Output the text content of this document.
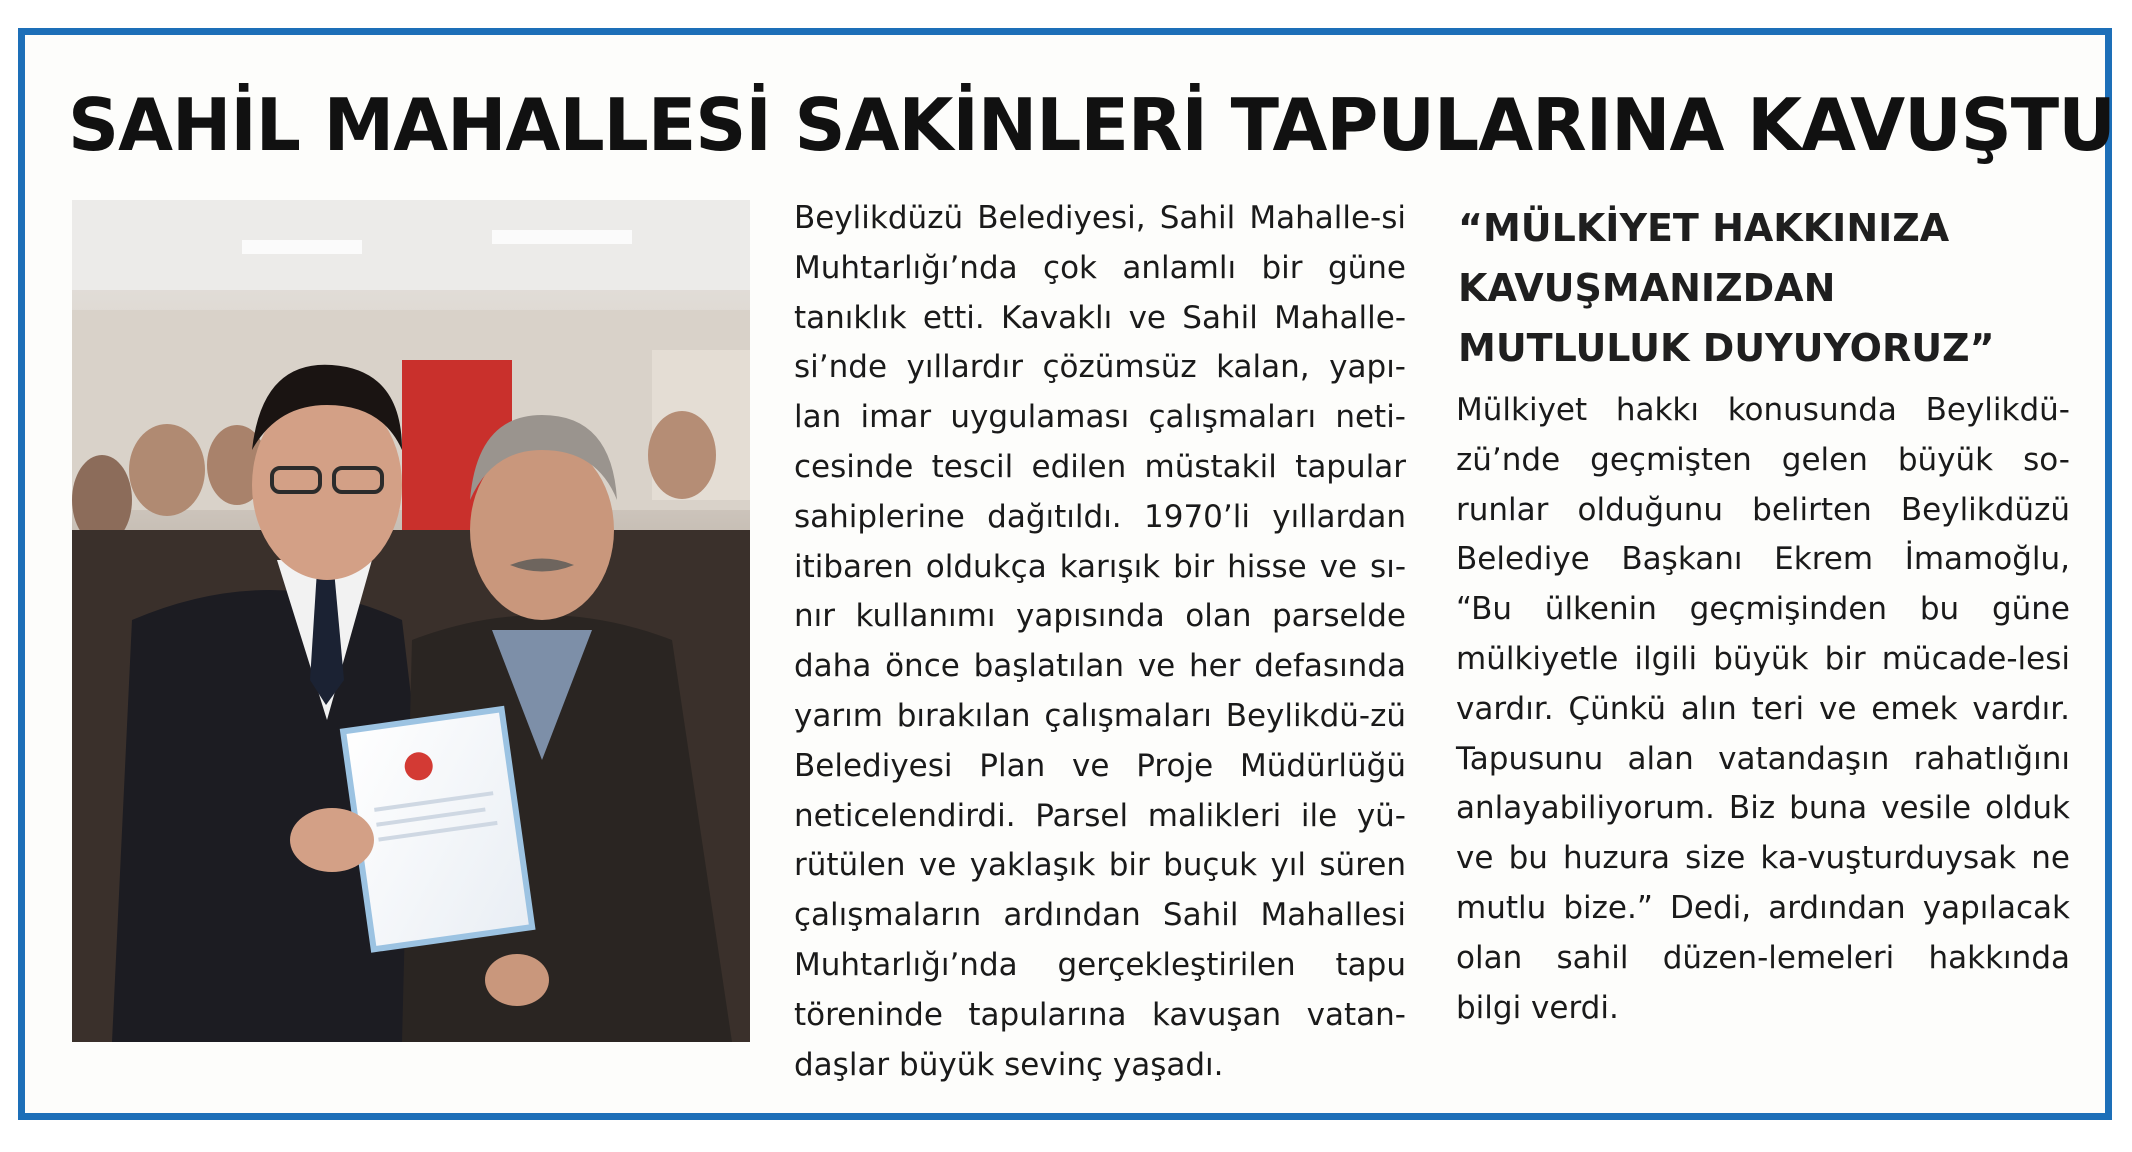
SAHİL MAHALLESİ SAKİNLERİ TAPULARINA KAVUŞTU
Beylikdüzü Belediyesi, Sahil Mahalle-si Muhtarlığı’nda çok anlamlı bir güne tanıklık etti. Kavaklı ve Sahil Mahalle-si’nde yıllardır çözümsüz kalan, yapı-lan imar uygulaması çalışmaları neti-cesinde tescil edilen müstakil tapular sahiplerine dağıtıldı. 1970’li yıllardan itibaren oldukça karışık bir hisse ve sı-nır kullanımı yapısında olan parselde daha önce başlatılan ve her defasında yarım bırakılan çalışmaları Beylikdü-zü Belediyesi Plan ve Proje Müdürlüğü neticelendirdi. Parsel malikleri ile yü-rütülen ve yaklaşık bir buçuk yıl süren çalışmaların ardından Sahil Mahallesi Muhtarlığı’nda gerçekleştirilen tapu töreninde tapularına kavuşan vatan-daşlar büyük sevinç yaşadı.
“MÜLKİYET HAKKINIZA KAVUŞMANIZDAN MUTLULUK DUYUYORUZ”
Mülkiyet hakkı konusunda Beylikdü-zü’nde geçmişten gelen büyük so-runlar olduğunu belirten Beylikdüzü Belediye Başkanı Ekrem İmamoğlu, “Bu ülkenin geçmişinden bu güne mülkiyetle ilgili büyük bir mücade-lesi vardır. Çünkü alın teri ve emek vardır. Tapusunu alan vatandaşın rahatlığını anlayabiliyorum. Biz buna vesile olduk ve bu huzura size ka-vuşturduysak ne mutlu bize.” Dedi, ardından yapılacak olan sahil düzen-lemeleri hakkında bilgi verdi.
